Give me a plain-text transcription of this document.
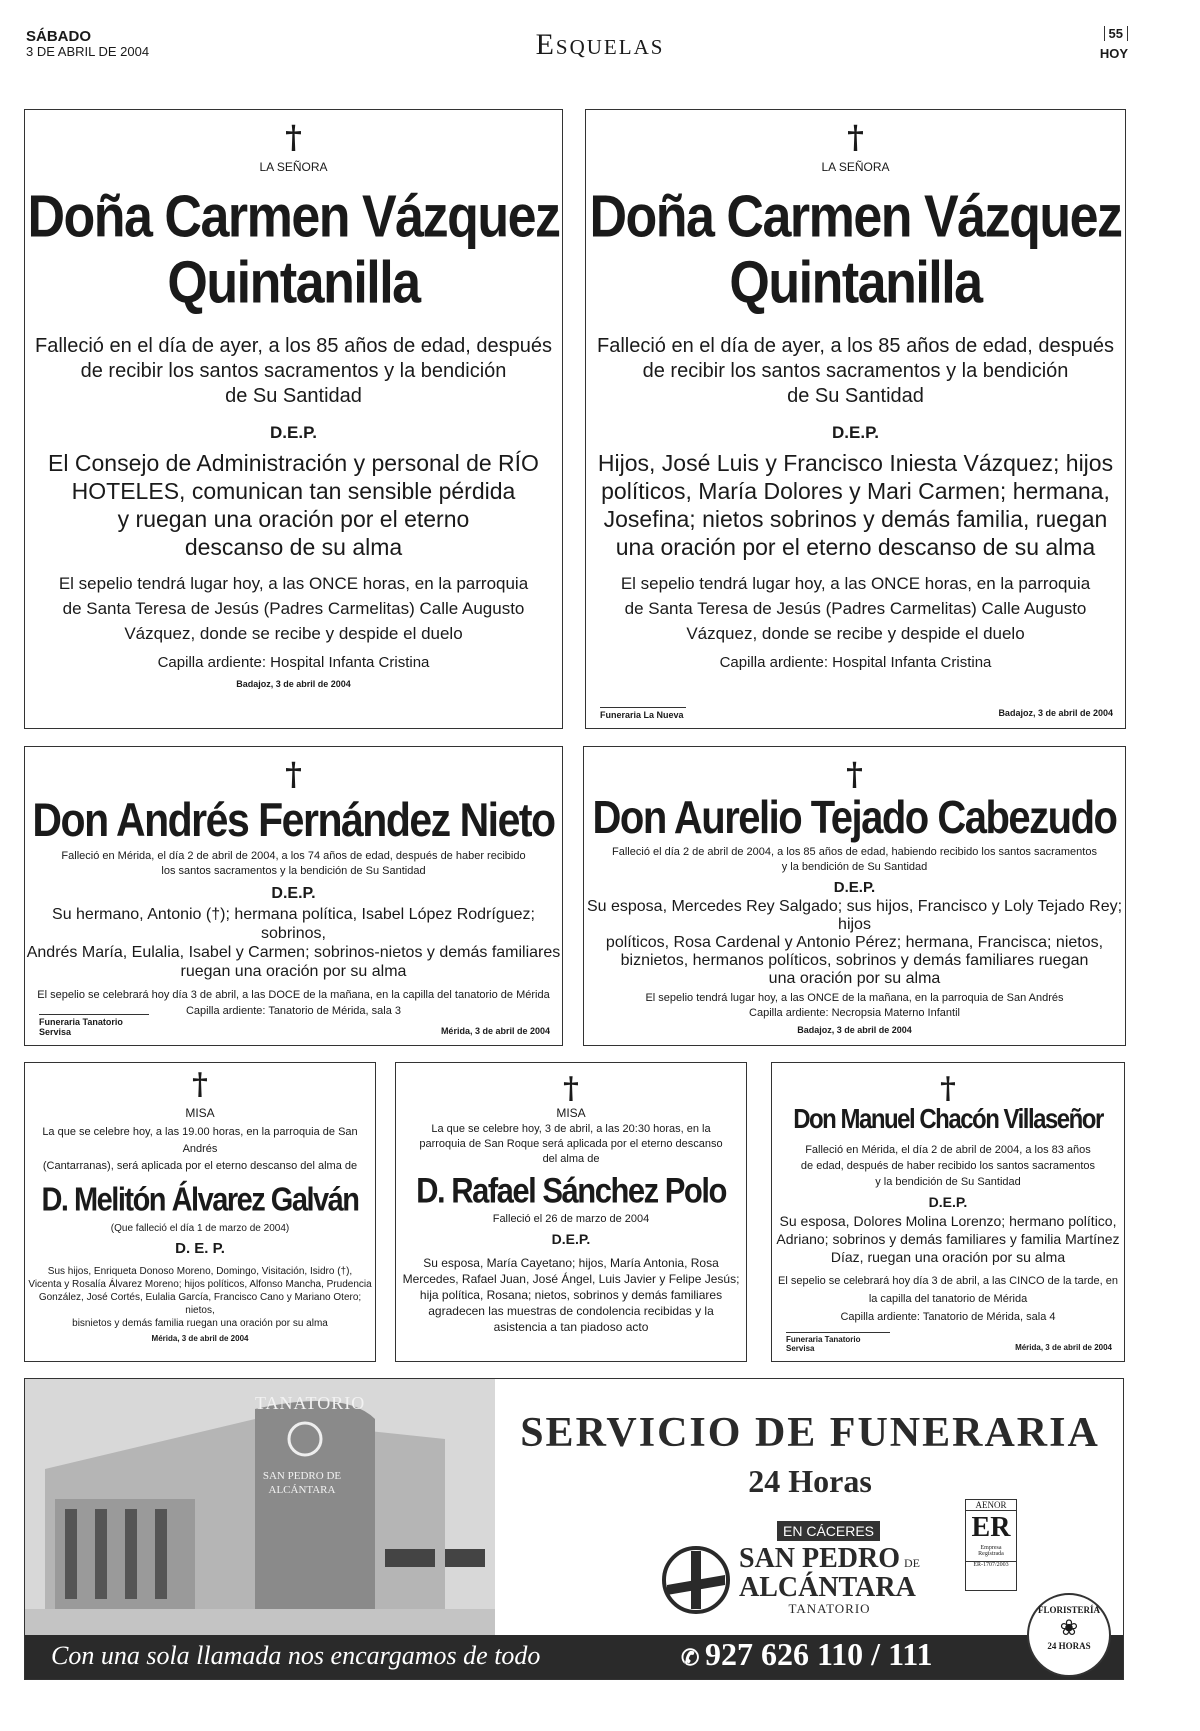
SÁBADO
3 DE ABRIL DE 2004	Esquelas	55
HOY
†
LA SEÑORA
Doña Carmen Vázquez
Quintanilla

Falleció en el día de ayer, a los 85 años de edad, después

de recibir los santos sacramentos y la bendición

de Su Santidad

D.E.P.

El Consejo de Administración y personal de RÍO

HOTELES, comunican tan sensible pérdida

y ruegan una oración por el eterno

descanso de su alma

El sepelio tendrá lugar hoy, a las ONCE horas, en la parroquia

de Santa Teresa de Jesús (Padres Carmelitas) Calle Augusto

Vázquez, donde se recibe y despide el duelo

Capilla ardiente: Hospital Infanta Cristina
Badajoz, 3 de abril de 2004
†
LA SEÑORA
Doña Carmen Vázquez
Quintanilla

Falleció en el día de ayer, a los 85 años de edad, después

de recibir los santos sacramentos y la bendición

de Su Santidad

D.E.P.

Hijos, José Luis y Francisco Iniesta Vázquez; hijos

políticos, María Dolores y Mari Carmen; hermana,

Josefina; nietos sobrinos y demás familia, ruegan

una oración por el eterno descanso de su alma

El sepelio tendrá lugar hoy, a las ONCE horas, en la parroquia

de Santa Teresa de Jesús (Padres Carmelitas) Calle Augusto

Vázquez, donde se recibe y despide el duelo

Capilla ardiente: Hospital Infanta Cristina
Funeraria La Nueva	Badajoz, 3 de abril de 2004
†
Don Andrés Fernández Nieto

Falleció en Mérida, el día 2 de abril de 2004, a los 74 años de edad, después de haber recibido

los santos sacramentos y la bendición de Su Santidad

D.E.P.

Su hermano, Antonio (†); hermana política, Isabel López Rodríguez; sobrinos,

Andrés María, Eulalia, Isabel y Carmen; sobrinos-nietos y demás familiares

ruegan una oración por su alma

El sepelio se celebrará hoy día 3 de abril, a las DOCE de la mañana, en la capilla del tanatorio de Mérida
Capilla ardiente: Tanatorio de Mérida, sala 3
Funeraria Tanatorio Servisa	Mérida, 3 de abril de 2004
†
Don Aurelio Tejado Cabezudo

Falleció el día 2 de abril de 2004, a los 85 años de edad, habiendo recibido los santos sacramentos

y la bendición de Su Santidad

D.E.P.

Su esposa, Mercedes Rey Salgado; sus hijos, Francisco y Loly Tejado Rey; hijos

políticos, Rosa Cardenal y Antonio Pérez; hermana, Francisca; nietos,

biznietos, hermanos políticos, sobrinos y demás familiares ruegan

una oración por su alma

El sepelio tendrá lugar hoy, a las ONCE de la mañana, en la parroquia de San Andrés
Capilla ardiente: Necropsia Materno Infantil
Badajoz, 3 de abril de 2004
†
MISA

La que se celebre hoy, a las 19.00 horas, en la parroquia de San Andrés

(Cantarranas), será aplicada por el eterno descanso del alma de

D. Melitón Álvarez Galván
(Que falleció el día 1 de marzo de 2004)
D. E. P.

Sus hijos, Enriqueta Donoso Moreno, Domingo, Visitación, Isidro (†),

Vicenta y Rosalía Álvarez Moreno; hijos políticos, Alfonso Mancha, Prudencia

González, José Cortés, Eulalia García, Francisco Cano y Mariano Otero; nietos,

bisnietos y demás familia ruegan una oración por su alma

Mérida, 3 de abril de 2004
†
MISA

La que se celebre hoy, 3 de abril, a las 20:30 horas, en la

parroquia de San Roque será aplicada por el eterno descanso

del alma de

D. Rafael Sánchez Polo
Falleció el 26 de marzo de 2004
D.E.P.

Su esposa, María Cayetano; hijos, María Antonia, Rosa

Mercedes, Rafael Juan, José Ángel, Luis Javier y Felipe Jesús;

hija política, Rosana; nietos, sobrinos y demás familiares

agradecen las muestras de condolencia recibidas y la

asistencia a tan piadoso acto

†
Don Manuel Chacón Villaseñor

Falleció en Mérida, el día 2 de abril de 2004, a los 83 años

de edad, después de haber recibido los santos sacramentos

y la bendición de Su Santidad

D.E.P.

Su esposa, Dolores Molina Lorenzo; hermano político,

Adriano; sobrinos y demás familiares y familia Martínez

Díaz, ruegan una oración por su alma

El sepelio se celebrará hoy día 3 de abril, a las CINCO de la tarde, en

la capilla del tanatorio de Mérida

Capilla ardiente: Tanatorio de Mérida, sala 4

Funeraria Tanatorio Servisa	Mérida, 3 de abril de 2004
TANATORIO
SAN PEDRO DE ALCÁNTARA
SERVICIO DE FUNERARIA
24 Horas
EN CÁCERES
SAN PEDRO DE
ALCÁNTARA
TANATORIO
AENOR
ER
Empresa
Registrada
ER-1707/2003
Con una sola llamada nos encargamos de todo	✆ 927 626 110 / 111
FLORISTERÍA
❀
24 HORAS
